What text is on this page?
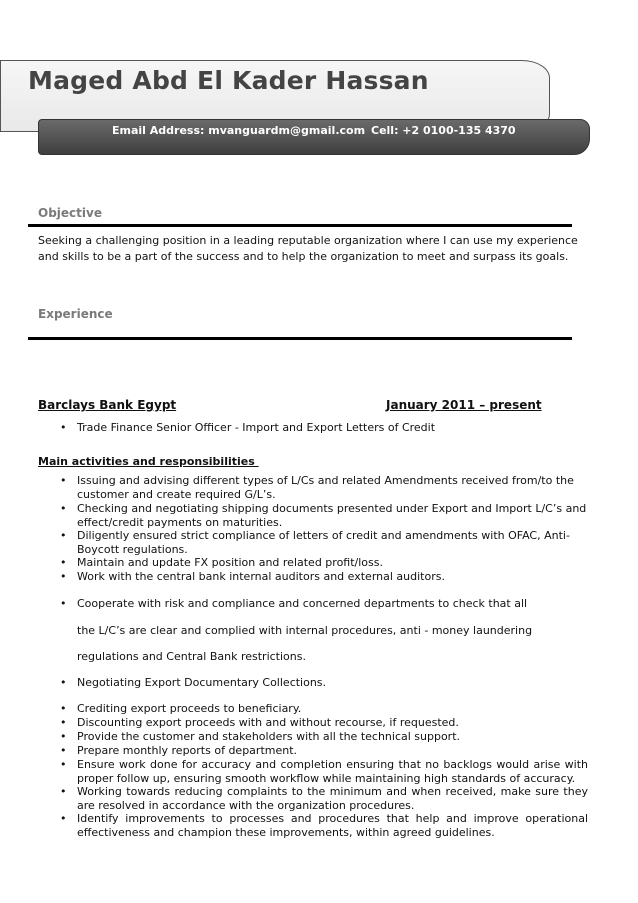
Maged Abd El Kader Hassan
Email Address: mvanguardm@gmail.com Cell: +2 0100-135 4370
Objective

Seeking a challenging position in a leading reputable organization where I can use my experience and skills to be a part of the success and to help the organization to meet and surpass its goals.

Experience
Barclays Bank Egypt	January 2011 – present
• Trade Finance Senior Officer - Import and Export Letters of Credit
Main activities and responsibilities
• Issuing and advising different types of L/Cs and related Amendments received from/to the customer and create required G/L’s.
• Checking and negotiating shipping documents presented under Export and Import L/C’s and effect/credit payments on maturities.
• Diligently ensured strict compliance of letters of credit and amendments with OFAC, Anti-Boycott regulations.
• Maintain and update FX position and related profit/loss.
• Work with the central bank internal auditors and external auditors.
• Cooperate with risk and compliance and concerned departments to check that all
the L/C’s are clear and complied with internal procedures, anti - money laundering
regulations and Central Bank restrictions.
• Negotiating Export Documentary Collections.
• Crediting export proceeds to beneficiary.
• Discounting export proceeds with and without recourse, if requested.
• Provide the customer and stakeholders with all the technical support.
• Prepare monthly reports of department.
• Ensure work done for accuracy and completion ensuring that no backlogs would arise with proper follow up, ensuring smooth workflow while maintaining high standards of accuracy.
• Working towards reducing complaints to the minimum and when received, make sure they are resolved in accordance with the organization procedures.
• Identify improvements to processes and procedures that help and improve operational effectiveness and champion these improvements, within agreed guidelines.
